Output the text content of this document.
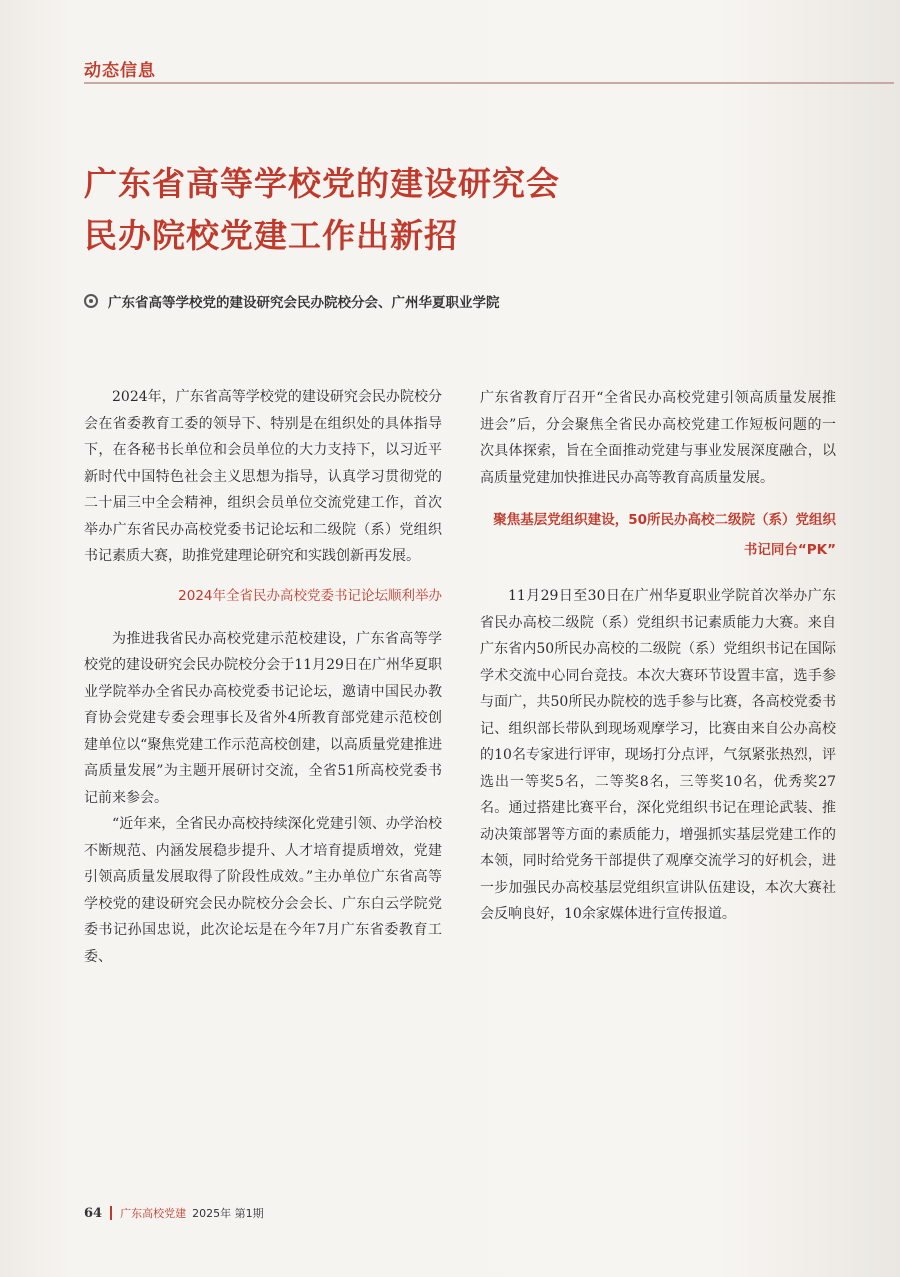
动态信息
广东省高等学校党的建设研究会
民办院校党建工作出新招
广东省高等学校党的建设研究会民办院校分会、广州华夏职业学院

2024年，广东省高等学校党的建设研究会民办院校分会在省委教育工委的领导下、特别是在组织处的具体指导下，在各秘书长单位和会员单位的大力支持下，以习近平新时代中国特色社会主义思想为指导，认真学习贯彻党的二十届三中全会精神，组织会员单位交流党建工作，首次举办广东省民办高校党委书记论坛和二级院（系）党组织书记素质大赛，助推党建理论研究和实践创新再发展。

2024年全省民办高校党委书记论坛顺利举办

为推进我省民办高校党建示范校建设，广东省高等学校党的建设研究会民办院校分会于11月29日在广州华夏职业学院举办全省民办高校党委书记论坛，邀请中国民办教育协会党建专委会理事长及省外4所教育部党建示范校创建单位以“聚焦党建工作示范高校创建，以高质量党建推进高质量发展”为主题开展研讨交流，全省51所高校党委书记前来参会。

“近年来，全省民办高校持续深化党建引领、办学治校不断规范、内涵发展稳步提升、人才培育提质增效，党建引领高质量发展取得了阶段性成效。”主办单位广东省高等学校党的建设研究会民办院校分会会长、广东白云学院党委书记孙国忠说，此次论坛是在今年7月广东省委教育工委、

广东省教育厅召开“全省民办高校党建引领高质量发展推进会”后，分会聚焦全省民办高校党建工作短板问题的一次具体探索，旨在全面推动党建与事业发展深度融合，以高质量党建加快推进民办高等教育高质量发展。

聚焦基层党组织建设，50所民办高校二级院（系）党组织书记同台“PK”

11月29日至30日在广州华夏职业学院首次举办广东省民办高校二级院（系）党组织书记素质能力大赛。来自广东省内50所民办高校的二级院（系）党组织书记在国际学术交流中心同台竞技。本次大赛环节设置丰富，选手参与面广，共50所民办院校的选手参与比赛，各高校党委书记、组织部长带队到现场观摩学习，比赛由来自公办高校的10名专家进行评审，现场打分点评，气氛紧张热烈，评选出一等奖5名，二等奖8名，三等奖10名，优秀奖27名。通过搭建比赛平台，深化党组织书记在理论武装、推动决策部署等方面的素质能力，增强抓实基层党建工作的本领，同时给党务干部提供了观摩交流学习的好机会，进一步加强民办高校基层党组织宣讲队伍建设，本次大赛社会反响良好，10余家媒体进行宣传报道。

64 广东高校党建 2025年 第1期
